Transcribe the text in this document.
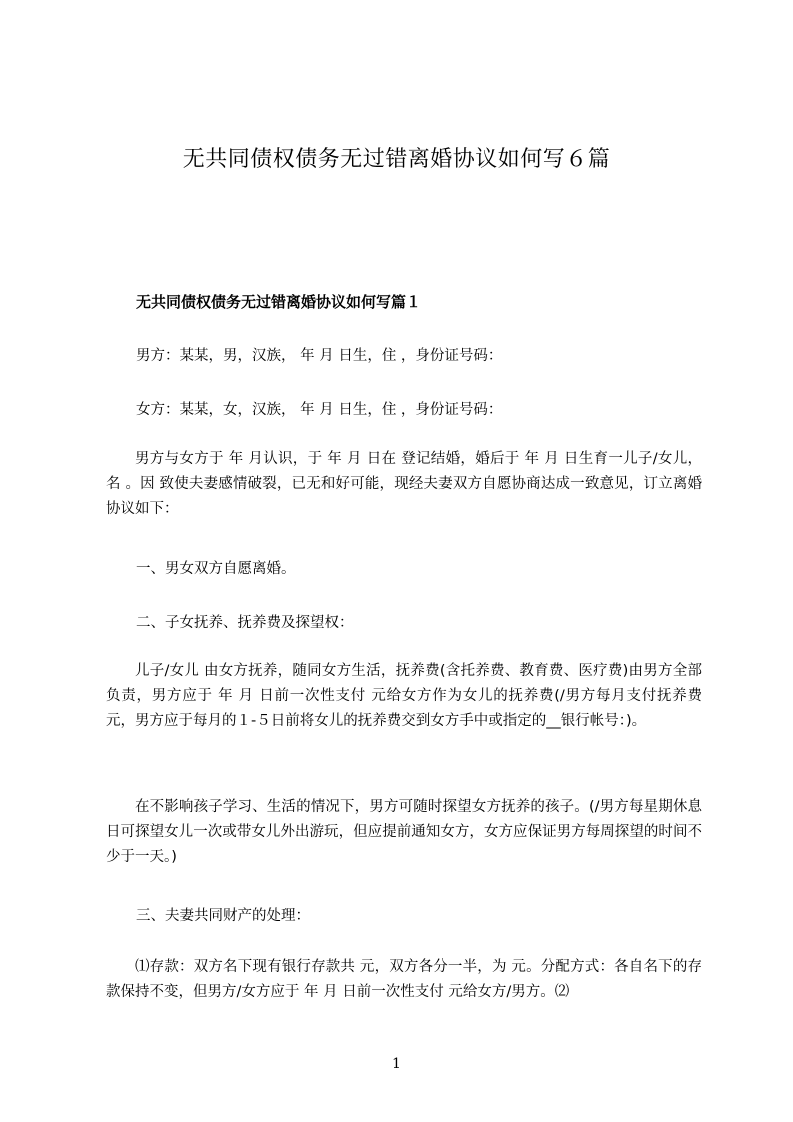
无共同债权债务无过错离婚协议如何写６篇
无共同债权债务无过错离婚协议如何写篇１
男方：某某，男，汉族， 年 月 日生，住 ，身份证号码：
女方：某某，女，汉族， 年 月 日生，住 ，身份证号码：
男方与女方于 年 月认识，于 年 月 日在 登记结婚，婚后于 年 月 日生育一儿子/女儿，名 。因 致使夫妻感情破裂，已无和好可能，现经夫妻双方自愿协商达成一致意见，订立离婚协议如下：
一、男女双方自愿离婚。
二、子女抚养、抚养费及探望权：
儿子/女儿 由女方抚养，随同女方生活，抚养费(含托养费、教育费、医疗费)由男方全部负责，男方应于 年 月 日前一次性支付 元给女方作为女儿的抚养费(/男方每月支付抚养费 元，男方应于每月的１-５日前将女儿的抚养费交到女方手中或指定的__银行帐号：)。
在不影响孩子学习、生活的情况下，男方可随时探望女方抚养的孩子。(/男方每星期休息日可探望女儿一次或带女儿外出游玩，但应提前通知女方，女方应保证男方每周探望的时间不少于一天。)
三、夫妻共同财产的处理：
⑴存款：双方名下现有银行存款共 元，双方各分一半，为 元。分配方式：各自名下的存款保持不变，但男方/女方应于 年 月 日前一次性支付 元给女方/男方。⑵
1
